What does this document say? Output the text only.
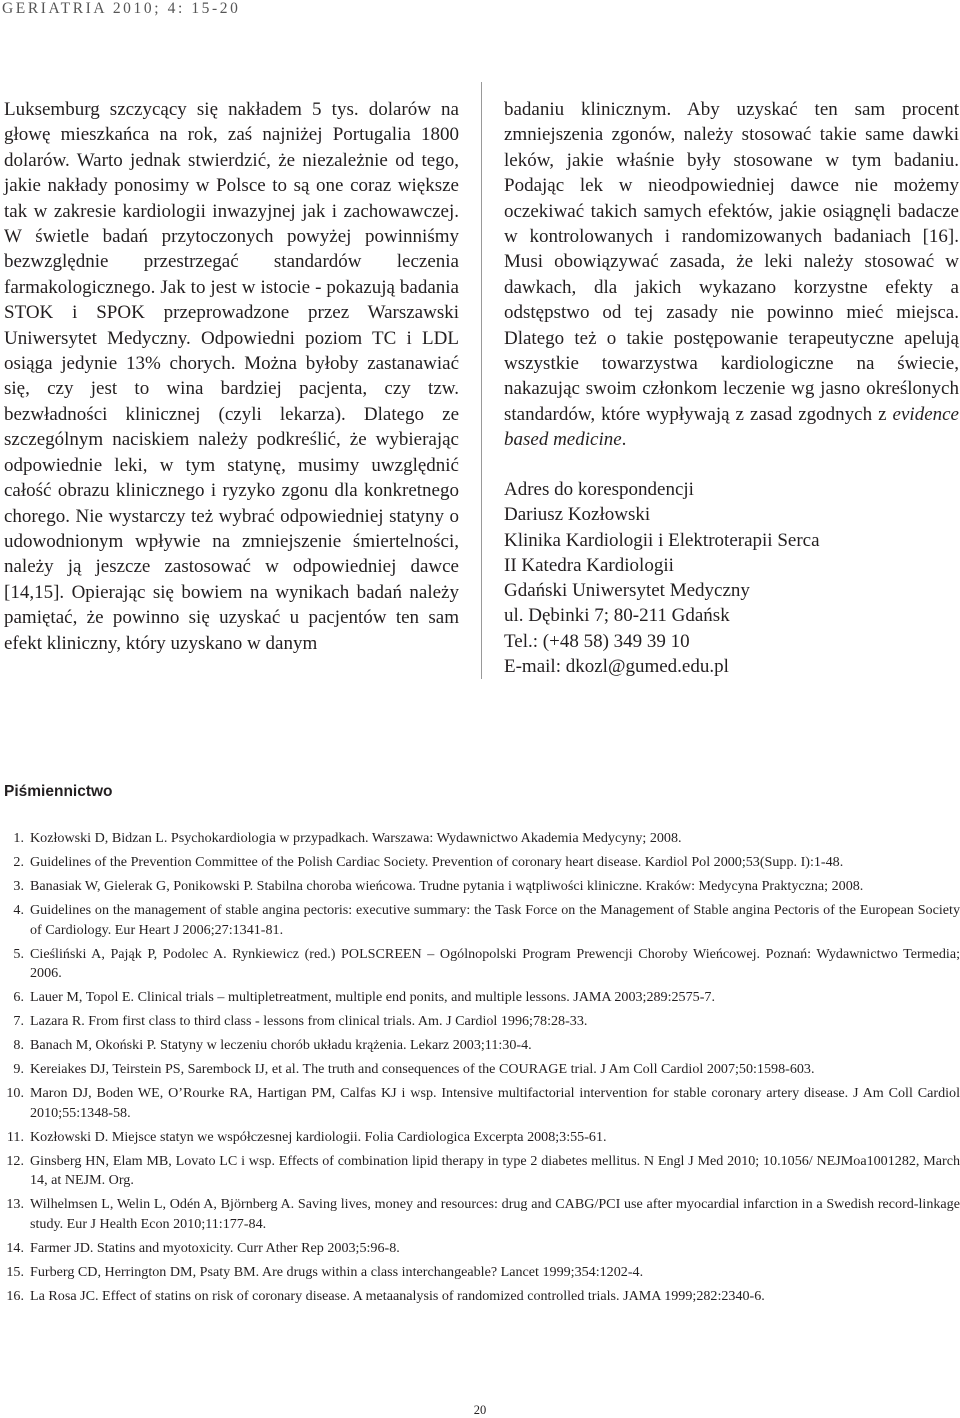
GERIATRIA 2010; 4: 15-20

Luksemburg szczycący się nakładem 5 tys. dolarów na głowę mieszkańca na rok, zaś najniżej Portugalia 1800 dolarów. Warto jednak stwierdzić, że niezależnie od tego, jakie nakłady ponosimy w Polsce to są one coraz większe tak w zakresie kardiologii inwazyjnej jak i zachowawczej. W świetle badań przytoczonych powyżej powinniśmy bezwzględnie przestrzegać standardów leczenia farmakologicznego. Jak to jest w istocie - pokazują badania STOK i SPOK przeprowadzone przez Warszawski Uniwersytet Medyczny. Odpowiedni poziom TC i LDL osiąga jedynie 13% chorych. Można byłoby zastanawiać się, czy jest to wina bardziej pacjenta, czy tzw. bezwładności klinicznej (czyli lekarza). Dlatego ze szczególnym naciskiem należy podkreślić, że wybierając odpowiednie leki, w tym statynę, musimy uwzględnić całość obrazu klinicznego i ryzyko zgonu dla konkretnego chorego. Nie wystarczy też wybrać odpowiedniej statyny o udowodnionym wpływie na zmniejszenie śmiertelności, należy ją jeszcze zastosować w odpowiedniej dawce [14,15]. Opierając się bowiem na wynikach badań należy pamiętać, że powinno się uzyskać u pacjentów ten sam efekt kliniczny, który uzyskano w danym

badaniu klinicznym. Aby uzyskać ten sam procent zmniejszenia zgonów, należy stosować takie same dawki leków, jakie właśnie były stosowane w tym badaniu. Podając lek w nieodpowiedniej dawce nie możemy oczekiwać takich samych efektów, jakie osiągnęli badacze w kontrolowanych i randomizowanych badaniach [16]. Musi obowiązywać zasada, że leki należy stosować w dawkach, dla jakich wykazano korzystne efekty a odstępstwo od tej zasady nie powinno mieć miejsca. Dlatego też o takie postępowanie terapeutyczne apelują wszystkie towarzystwa kardiologiczne na świecie, nakazując swoim członkom leczenie wg jasno określonych standardów, które wypływają z zasad zgodnych z evidence based medicine.

Adres do korespondencji
Dariusz Kozłowski
Klinika Kardiologii i Elektroterapii Serca
II Katedra Kardiologii
Gdański Uniwersytet Medyczny
ul. Dębinki 7; 80-211 Gdańsk
Tel.: (+48 58) 349 39 10
E-mail: dkozl@gumed.edu.pl
Piśmiennictwo
1. Kozłowski D, Bidzan L. Psychokardiologia w przypadkach. Warszawa: Wydawnictwo Akademia Medycyny; 2008.
2. Guidelines of the Prevention Committee of the Polish Cardiac Society. Prevention of coronary heart disease. Kardiol Pol 2000;53(Supp. I):1-48.
3. Banasiak W, Gielerak G, Ponikowski P. Stabilna choroba wieńcowa. Trudne pytania i wątpliwości kliniczne. Kraków: Medycyna Praktyczna; 2008.
4. Guidelines on the management of stable angina pectoris: executive summary: the Task Force on the Management of Stable angina Pectoris of the European Society of Cardiology. Eur Heart J 2006;27:1341-81.
5. Cieśliński A, Pająk P, Podolec A. Rynkiewicz (red.) POLSCREEN – Ogólnopolski Program Prewencji Choroby Wieńcowej. Poznań: Wydawnictwo Termedia; 2006.
6. Lauer M, Topol E. Clinical trials – multipletreatment, multiple end ponits, and multiple lessons. JAMA 2003;289:2575-7.
7. Lazara R. From first class to third class - lessons from clinical trials. Am. J Cardiol 1996;78:28-33.
8. Banach M, Okoński P. Statyny w leczeniu chorób układu krążenia. Lekarz 2003;11:30-4.
9. Kereiakes DJ, Teirstein PS, Sarembock IJ, et al. The truth and consequences of the COURAGE trial. J Am Coll Cardiol 2007;50:1598-603.
10. Maron DJ, Boden WE, O’Rourke RA, Hartigan PM, Calfas KJ i wsp. Intensive multifactorial intervention for stable coronary artery disease. J Am Coll Cardiol 2010;55:1348-58.
11. Kozłowski D. Miejsce statyn we współczesnej kardiologii. Folia Cardiologica Excerpta 2008;3:55-61.
12. Ginsberg HN, Elam MB, Lovato LC i wsp. Effects of combination lipid therapy in type 2 diabetes mellitus. N Engl J Med 2010; 10.1056/ NEJMoa1001282, March 14, at NEJM. Org.
13. Wilhelmsen L, Welin L, Odén A, Björnberg A. Saving lives, money and resources: drug and CABG/PCI use after myocardial infarction in a Swedish record-linkage study. Eur J Health Econ 2010;11:177-84.
14. Farmer JD. Statins and myotoxicity. Curr Ather Rep 2003;5:96-8.
15. Furberg CD, Herrington DM, Psaty BM. Are drugs within a class interchangeable? Lancet 1999;354:1202-4.
16. La Rosa JC. Effect of statins on risk of coronary disease. A metaanalysis of randomized controlled trials. JAMA 1999;282:2340-6.
20
